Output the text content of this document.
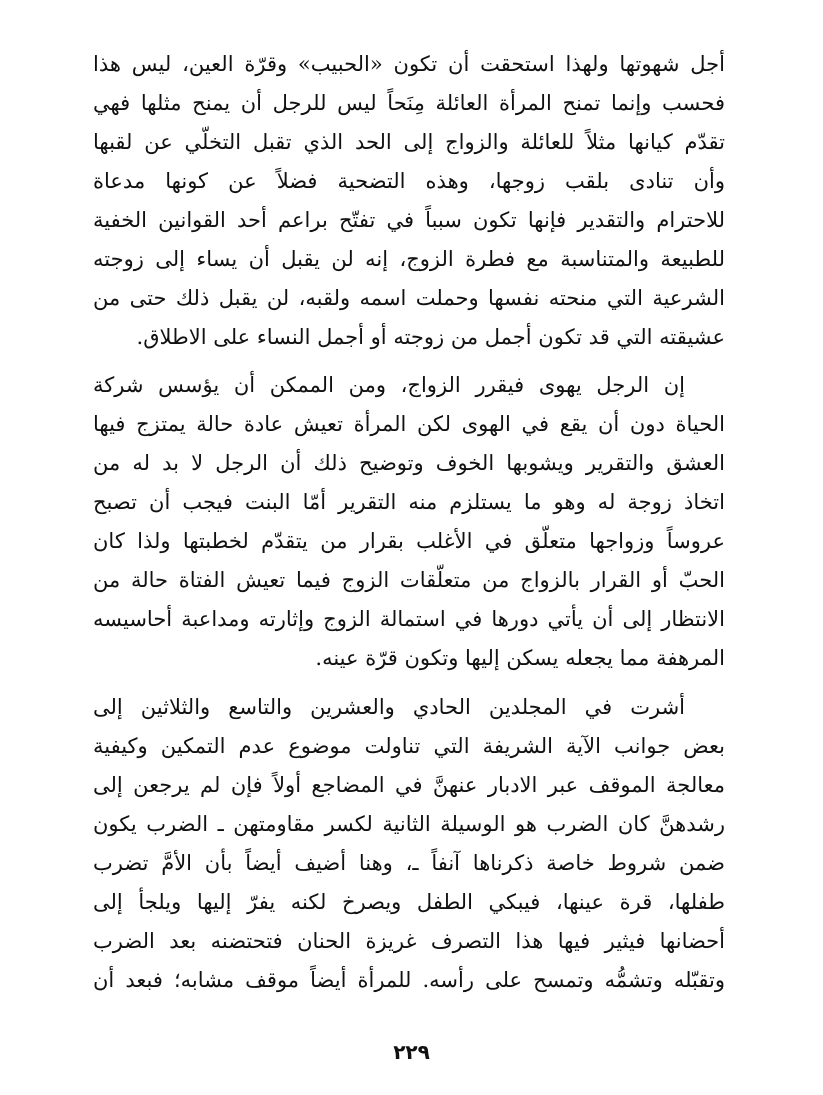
أجل شهوتها ولهذا استحقت أن تكون «الحبيب» وقرّة العين، ليس هذا
فحسب وإنما تمنح المرأة العائلة مِنَحاً ليس للرجل أن يمنح مثلها فهي
تقدّم كيانها مثلاً للعائلة والزواج إلى الحد الذي تقبل التخلّي عن لقبها
وأن تنادى بلقب زوجها، وهذه التضحية فضلاً عن كونها مدعاة
للاحترام والتقدير فإنها تكون سبباً في تفتّح براعم أحد القوانين الخفية
للطبيعة والمتناسبة مع فطرة الزوج، إنه لن يقبل أن يساء إلى زوجته
الشرعية التي منحته نفسها وحملت اسمه ولقبه، لن يقبل ذلك حتى من
عشيقته التي قد تكون أجمل من زوجته أو أجمل النساء على الاطلاق.
إن الرجل يهوى فيقرر الزواج، ومن الممكن أن يؤسس شركة
الحياة دون أن يقع في الهوى لكن المرأة تعيش عادة حالة يمتزج فيها
العشق والتقرير ويشوبها الخوف وتوضيح ذلك أن الرجل لا بد له من
اتخاذ زوجة له وهو ما يستلزم منه التقرير أمّا البنت فيجب أن تصبح
عروساً وزواجها متعلّق في الأغلب بقرار من يتقدّم لخطبتها ولذا كان
الحبّ أو القرار بالزواج من متعلّقات الزوج فيما تعيش الفتاة حالة من
الانتظار إلى أن يأتي دورها في استمالة الزوج وإثارته ومداعبة أحاسيسه
المرهفة مما يجعله يسكن إليها وتكون قرّة عينه.
أشرت في المجلدين الحادي والعشرين والتاسع والثلاثين إلى
بعض جوانب الآية الشريفة التي تناولت موضوع عدم التمكين وكيفية
معالجة الموقف عبر الادبار عنهنَّ في المضاجع أولاً فإن لم يرجعن إلى
رشدهنَّ كان الضرب هو الوسيلة الثانية لكسر مقاومتهن ـ الضرب يكون
ضمن شروط خاصة ذكرناها آنفاً ـ، وهنا أضيف أيضاً بأن الأمَّ تضرب
طفلها، قرة عينها، فيبكي الطفل ويصرخ لكنه يفرّ إليها ويلجأ إلى
أحضانها فيثير فيها هذا التصرف غريزة الحنان فتحتضنه بعد الضرب
وتقبّله وتشمُّه وتمسح على رأسه. للمرأة أيضاً موقف مشابه؛ فبعد أن
٢٢٩
